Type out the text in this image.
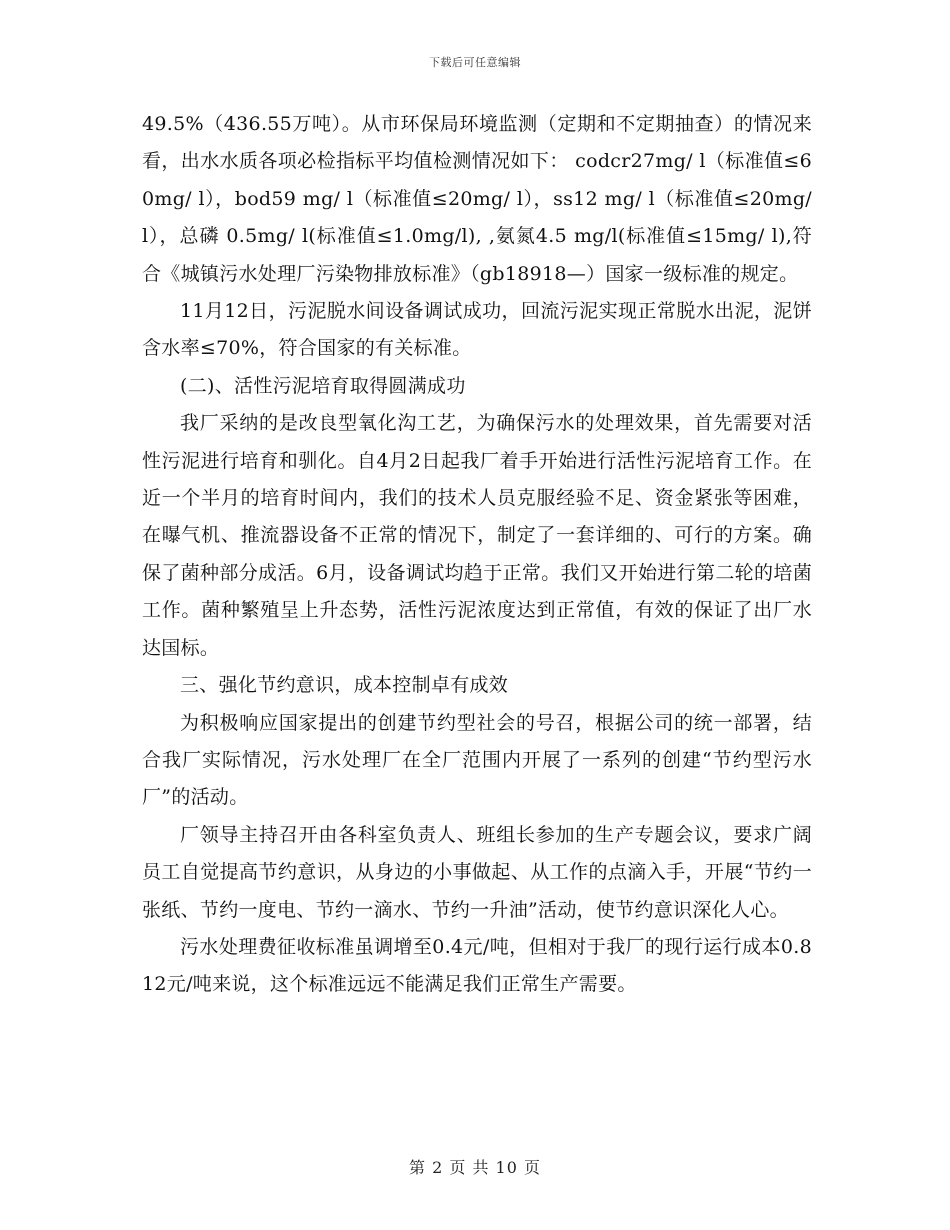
下载后可任意编辑

49.5%（436.55万吨）。从市环保局环境监测（定期和不定期抽查）的情况来看，出水水质各项必检指标平均值检测情况如下： codcr27mg/ l（标准值≤60mg/ l），bod59 mg/ l（标准值≤20mg/ l），ss12 mg/ l（标准值≤20mg/ l），总磷 0.5mg/ l(标准值≤1.0mg/l), ,氨氮4.5 mg/l(标准值≤15mg/ l),符合《城镇污水处理厂污染物排放标准》（gb18918—）国家一级标准的规定。

11月12日，污泥脱水间设备调试成功，回流污泥实现正常脱水出泥，泥饼含水率≤70%，符合国家的有关标准。

(二)、活性污泥培育取得圆满成功

我厂采纳的是改良型氧化沟工艺，为确保污水的处理效果，首先需要对活性污泥进行培育和驯化。自4月2日起我厂着手开始进行活性污泥培育工作。在近一个半月的培育时间内，我们的技术人员克服经验不足、资金紧张等困难，在曝气机、推流器设备不正常的情况下，制定了一套详细的、可行的方案。确保了菌种部分成活。6月，设备调试均趋于正常。我们又开始进行第二轮的培菌工作。菌种繁殖呈上升态势，活性污泥浓度达到正常值，有效的保证了出厂水达国标。

三、强化节约意识，成本控制卓有成效

为积极响应国家提出的创建节约型社会的号召，根据公司的统一部署，结合我厂实际情况，污水处理厂在全厂范围内开展了一系列的创建“节约型污水厂”的活动。

厂领导主持召开由各科室负责人、班组长参加的生产专题会议，要求广阔员工自觉提高节约意识，从身边的小事做起、从工作的点滴入手，开展“节约一张纸、节约一度电、节约一滴水、节约一升油”活动，使节约意识深化人心。

污水处理费征收标准虽调增至0.4元/吨，但相对于我厂的现行运行成本0.812元/吨来说，这个标准远远不能满足我们正常生产需要。

第 2 页 共 10 页
